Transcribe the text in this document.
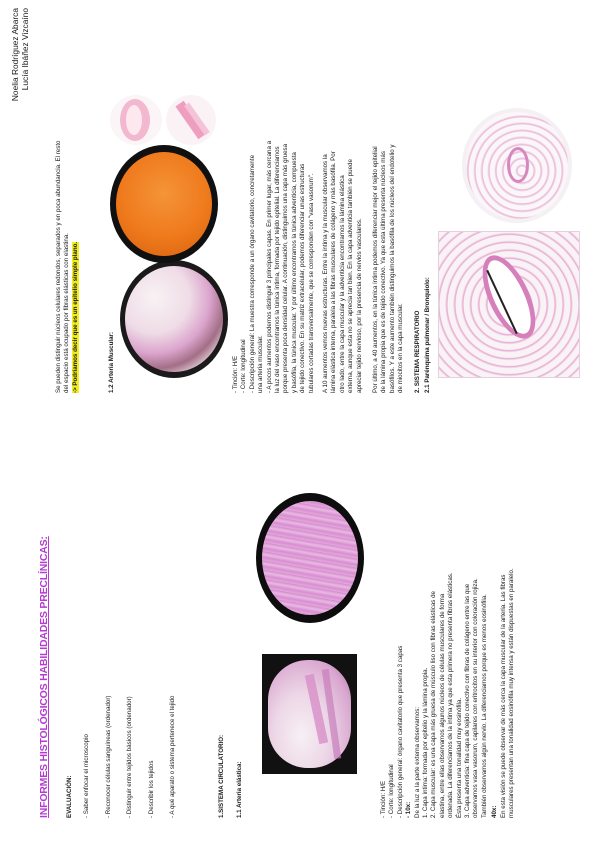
Noelia Rodríguez Abarca Lucía Ibáñez Vizcaíno
INFORMES HISTOLÓGICOS HABILIDADES PRECLÍNICAS:	EVALUACIÓN: - Saber enfocar el microscopio - Reconocer células sanguíneas (ordenador) - Distinguir entre tejidos básicos (ordenador) - Describir los tejidos - A qué aparato o sistema pertenece el tejido	1.SISTEMA CIRCULATORIO: 1.1 Arteria elástica:	- Tinción: H/E - Corte: longitudinal - Descripción general: órgano cavitatorio que presenta 3 capas - 10x: De la luz a la parte externa observamos: 1. Capa íntima: formada por epitelio y la lámina propia. 2. Capa muscular: es una capa más gruesa de músculo liso con fibras elásticas de elastina, entre ellas observamos algunos núcleos de células musculares de forma ordenada. La diferenciamos de la íntima ya que esta primera no presenta fibras elásticas. Ésta presenta una tonalidad muy eosinófila. 3. Capa adventicia: fina capa de tejido conectivo con fibras de colágeno entre las que observamos vasa vasorum, capilares con eritrocitos en su interior con coloración rojiza. También observamos algún nervio. La diferenciamos porque es menos eosinófila. 40x: En esta visión se puede observar de más cerca la capa muscular de la arteria. Las fibras musculares presentan una tonalidad eosinófila muy intensa y están dispuestas en paralelo.
Se pueden distinguir núcleos celulares redondos, separados y en poca abundancia. El resto del espacio está ocupado por fibras elásticas con elastina. -> Podríamos decir que es un epitelio simple plano.	1.2 Arteria Muscular:	- Tinción: H/E - Corte: longitudinal - Descripción general: La muestra corresponde a un órgano cavitatorio, concretamente una arteria muscular. - A pocos aumentos podemos distinguir 3 principales capas. En primer lugar, más cercana a la luz del vaso encontramos la túnica íntima, formada por tejido epitelial. La diferenciamos porque presenta poca densidad celular. A continuación, distinguimos una capa más gruesa y basófila, la túnica muscular. Y por último encontramos la túnica adventicia, compuesta de tejido conectivo. En su matriz extracelular, podemos diferenciar unas estructuras tubulares cortadas transversalmente, que se corresponden con "vasa vasorum". A 10 aumentos vemos nuevas estructuras. Entre la íntima y la muscular observamos la lámina elástica interna, paralela a las fibras musculares de colágeno y más basófila. Por otro lado, entre la capa muscular y la adventicia encontramos la lámina elástica externa, aunque esta no se aprecia tan bien. En la capa adventicia también se puede apreciar tejido nervioso, por la presencia de nervios vasculares. Por último, a 40 aumentos, en la túnica íntima podemos diferenciar mejor el tejido epitelial de la lámina propia que es de tejido conectivo. Ya que esta última presenta núcleos más basófilos. Y a este aumento también distinguimos la basófila de los núcleos del endotelio y de miocitos en la capa muscular. 2. SISTEMA RESPIRATORIO 2.1 Parénquima pulmonar / Bronquiolo:
